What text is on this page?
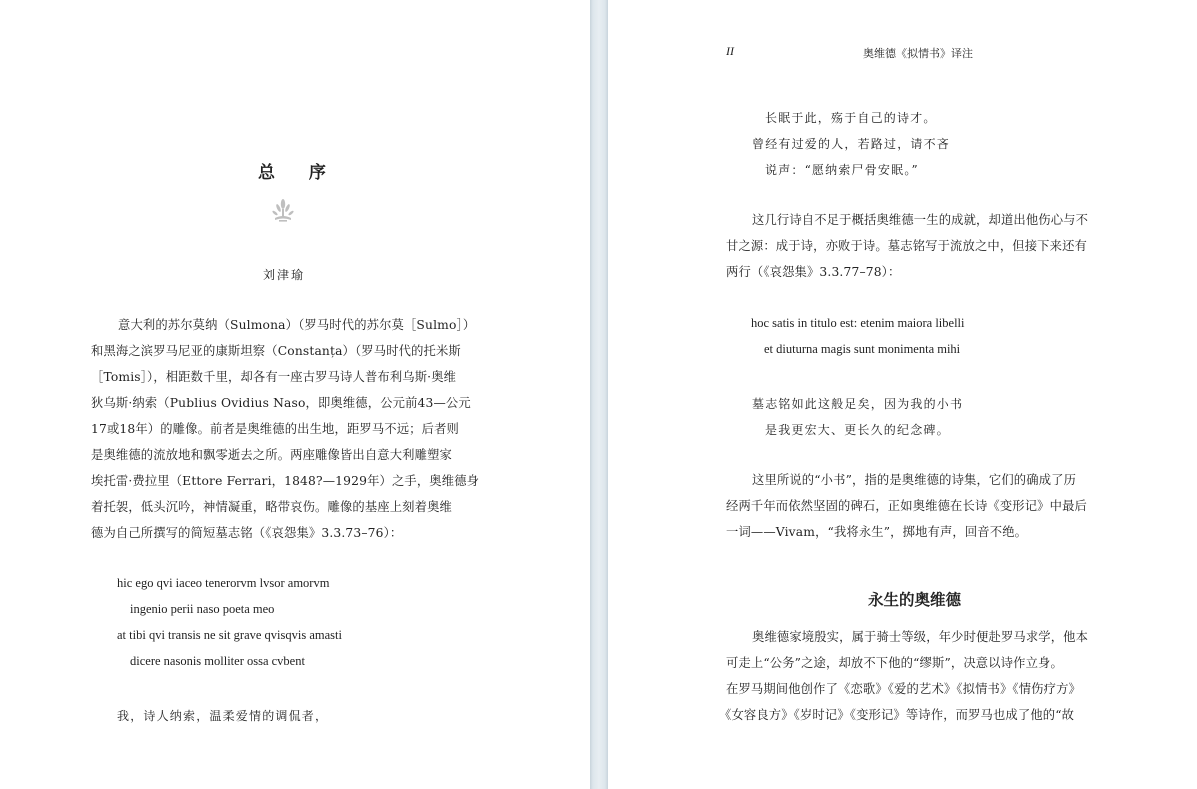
总 序
刘津瑜
意大利的苏尔莫纳（Sulmona）（罗马时代的苏尔莫［Sulmo］）
和黑海之滨罗马尼亚的康斯坦察（Constanța）（罗马时代的托米斯
［Tomis］），相距数千里，却各有一座古罗马诗人普布利乌斯·奥维
狄乌斯·纳索（Publius Ovidius Naso，即奥维德，公元前43—公元
17或18年）的雕像。前者是奥维德的出生地，距罗马不远；后者则
是奥维德的流放地和飘零逝去之所。两座雕像皆出自意大利雕塑家
埃托雷·费拉里（Ettore Ferrari，1848?—1929年）之手，奥维德身
着托袈，低头沉吟，神情凝重，略带哀伤。雕像的基座上刻着奥维
德为自己所撰写的简短墓志铭（《哀怨集》3.3.73–76）：
hic ego qvi iaceo tenerorvm lvsor amorvm
ingenio perii naso poeta meo
at tibi qvi transis ne sit grave qvisqvis amasti
dicere nasonis molliter ossa cvbent
我，诗人纳索，温柔爱情的调侃者，
II	奥维德《拟情书》译注
长眠于此，殇于自己的诗才。
曾经有过爱的人，若路过，请不吝
说声：“愿纳索尸骨安眠。”
这几行诗自不足于概括奥维德一生的成就，却道出他伤心与不
甘之源：成于诗，亦败于诗。墓志铭写于流放之中，但接下来还有
两行（《哀怨集》3.3.77–78）：
hoc satis in titulo est: etenim maiora libelli
et diuturna magis sunt monimenta mihi
墓志铭如此这般足矣，因为我的小书
是我更宏大、更长久的纪念碑。
这里所说的“小书”，指的是奥维德的诗集，它们的确成了历
经两千年而依然坚固的碑石，正如奥维德在长诗《变形记》中最后
一词——Vivam，“我将永生”，掷地有声，回音不绝。
永生的奥维德
奥维德家境殷实，属于骑士等级，年少时便赴罗马求学，他本
可走上“公务”之途，却放不下他的“缪斯”，决意以诗作立身。
在罗马期间他创作了《恋歌》《爱的艺术》《拟情书》《情伤疗方》
《女容良方》《岁时记》《变形记》等诗作，而罗马也成了他的“故
